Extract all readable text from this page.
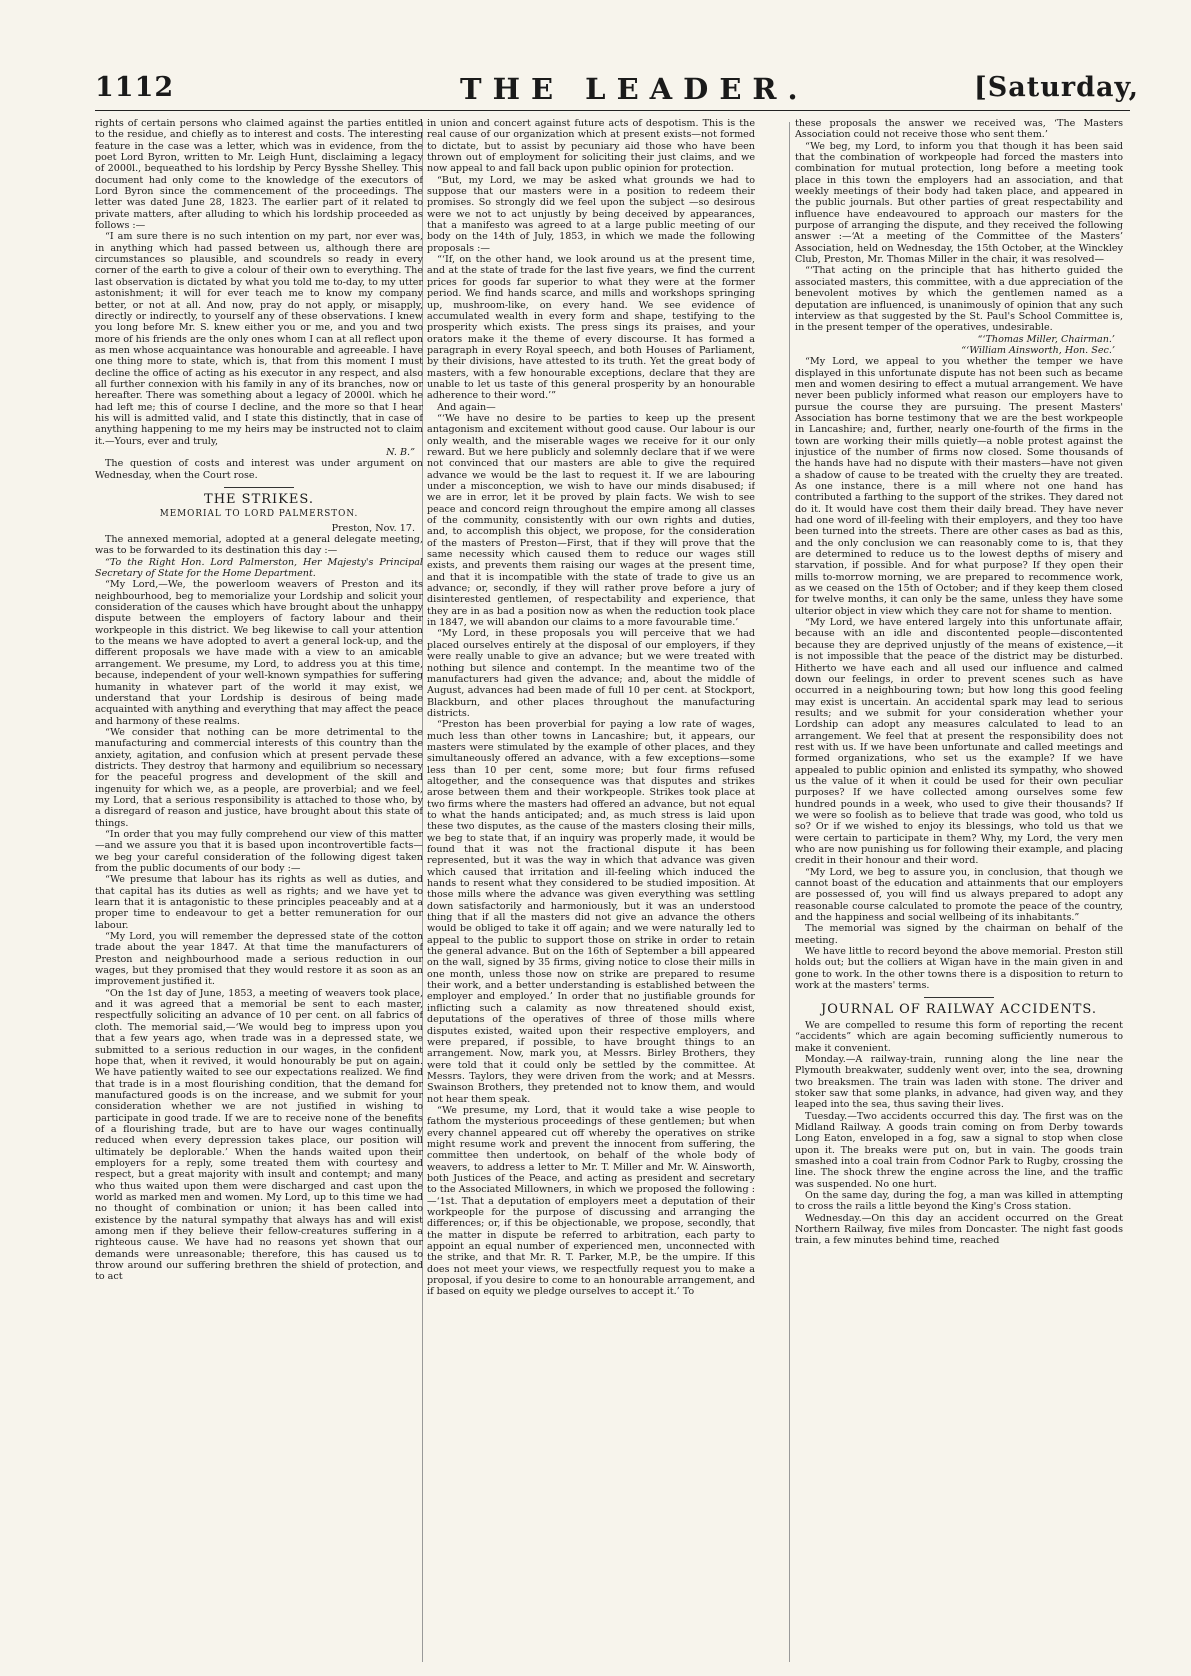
1112	THE LEADER.	[Saturday,

rights of certain persons who claimed against the parties entitled to the residue, and chiefly as to interest and costs. The interesting feature in the case was a letter, which was in evidence, from the poet Lord Byron, written to Mr. Leigh Hunt, disclaiming a legacy of 2000l., bequeathed to his lordship by Percy Bysshe Shelley. This document had only come to the knowledge of the executors of Lord Byron since the commencement of the proceedings. The letter was dated June 28, 1823. The earlier part of it related to private matters, after alluding to which his lordship proceeded as follows :—

“I am sure there is no such intention on my part, nor ever was, in anything which had passed between us, although there are circumstances so plausible, and scoundrels so ready in every corner of the earth to give a colour of their own to everything. The last observation is dictated by what you told me to-day, to my utter astonishment; it will for ever teach me to know my company better, or not at all. And now, pray do not apply, or misapply, directly or indirectly, to yourself any of these observations. I knew you long before Mr. S. knew either you or me, and you and two more of his friends are the only ones whom I can at all reflect upon as men whose acquaintance was honourable and agreeable. I have one thing more to state, which is, that from this moment I must decline the office of acting as his executor in any respect, and also all further connexion with his family in any of its branches, now or hereafter. There was something about a legacy of 2000l. which he had left me; this of course I decline, and the more so that I hear his will is admitted valid, and I state this distinctly, that in case of anything happening to me my heirs may be instructed not to claim it.—Yours, ever and truly,

N. B.”

The question of costs and interest was under argument on Wednesday, when the Court rose.

THE STRIKES.
MEMORIAL TO LORD PALMERSTON.

Preston, Nov. 17.

The annexed memorial, adopted at a general delegate meeting, was to be forwarded to its destination this day :—

“To the Right Hon. Lord Palmerston, Her Majesty's Principal Secretary of State for the Home Department.

“My Lord,—We, the powerloom weavers of Preston and its neighbourhood, beg to memorialize your Lordship and solicit your consideration of the causes which have brought about the unhappy dispute between the employers of factory labour and their workpeople in this district. We beg likewise to call your attention to the means we have adopted to avert a general lock-up, and the different proposals we have made with a view to an amicable arrangement. We presume, my Lord, to address you at this time, because, independent of your well-known sympathies for suffering humanity in whatever part of the world it may exist, we understand that your Lordship is desirous of being made acquainted with anything and everything that may affect the peace and harmony of these realms.

“We consider that nothing can be more detrimental to the manufacturing and commercial interests of this country than the anxiety, agitation, and confusion which at present pervade these districts. They destroy that harmony and equilibrium so necessary for the peaceful progress and development of the skill and ingenuity for which we, as a people, are proverbial; and we feel, my Lord, that a serious responsibility is attached to those who, by a disregard of reason and justice, have brought about this state of things.

“In order that you may fully comprehend our view of this matter—and we assure you that it is based upon incontrovertible facts—we beg your careful consideration of the following digest taken from the public documents of our body :—

“We presume that labour has its rights as well as duties, and that capital has its duties as well as rights; and we have yet to learn that it is antagonistic to these principles peaceably and at a proper time to endeavour to get a better remuneration for our labour.

“My Lord, you will remember the depressed state of the cotton trade about the year 1847. At that time the manufacturers of Preston and neighbourhood made a serious reduction in our wages, but they promised that they would restore it as soon as an improvement justified it.

“On the 1st day of June, 1853, a meeting of weavers took place, and it was agreed that a memorial be sent to each master, respectfully soliciting an advance of 10 per cent. on all fabrics of cloth. The memorial said,—‘We would beg to impress upon you that a few years ago, when trade was in a depressed state, we submitted to a serious reduction in our wages, in the confident hope that, when it revived, it would honourably be put on again. We have patiently waited to see our expectations realized. We find that trade is in a most flourishing condition, that the demand for manufactured goods is on the increase, and we submit for your consideration whether we are not justified in wishing to participate in good trade. If we are to receive none of the benefits of a flourishing trade, but are to have our wages continually reduced when every depression takes place, our position will ultimately be deplorable.’ When the hands waited upon their employers for a reply, some treated them with courtesy and respect, but a great majority with insult and contempt; and many who thus waited upon them were discharged and cast upon the world as marked men and women. My Lord, up to this time we had no thought of combination or union; it has been called into existence by the natural sympathy that always has and will exist among men if they believe their fellow-creatures suffering in a righteous cause. We have had no reasons yet shown that our demands were unreasonable; therefore, this has caused us to throw around our suffering brethren the shield of protection, and to act

in union and concert against future acts of despotism. This is the real cause of our organization which at present exists—not formed to dictate, but to assist by pecuniary aid those who have been thrown out of employment for soliciting their just claims, and we now appeal to and fall back upon public opinion for protection.

“But, my Lord, we may be asked what grounds we had to suppose that our masters were in a position to redeem their promises. So strongly did we feel upon the subject —so desirous were we not to act unjustly by being deceived by appearances, that a manifesto was agreed to at a large public meeting of our body on the 14th of July, 1853, in which we made the following proposals :—

“‘If, on the other hand, we look around us at the present time, and at the state of trade for the last five years, we find the current prices for goods far superior to what they were at the former period. We find hands scarce, and mills and workshops springing up, mushroom-like, on every hand. We see evidence of accumulated wealth in every form and shape, testifying to the prosperity which exists. The press sings its praises, and your orators make it the theme of every discourse. It has formed a paragraph in every Royal speech, and both Houses of Parliament, by their divisions, have attested to its truth. Yet the great body of masters, with a few honourable exceptions, declare that they are unable to let us taste of this general prosperity by an honourable adherence to their word.’”

And again—

“‘We have no desire to be parties to keep up the present antagonism and excitement without good cause. Our labour is our only wealth, and the miserable wages we receive for it our only reward. But we here publicly and solemnly declare that if we were not convinced that our masters are able to give the required advance we would be the last to request it. If we are labouring under a misconception, we wish to have our minds disabused; if we are in error, let it be proved by plain facts. We wish to see peace and concord reign throughout the empire among all classes of the community, consistently with our own rights and duties, and, to accomplish this object, we propose, for the consideration of the masters of Preston—First, that if they will prove that the same necessity which caused them to reduce our wages still exists, and prevents them raising our wages at the present time, and that it is incompatible with the state of trade to give us an advance; or, secondly, if they will rather prove before a jury of disinterested gentlemen, of respectability and experience, that they are in as bad a position now as when the reduction took place in 1847, we will abandon our claims to a more favourable time.’

“My Lord, in these proposals you will perceive that we had placed ourselves entirely at the disposal of our employers, if they were really unable to give an advance; but we were treated with nothing but silence and contempt. In the meantime two of the manufacturers had given the advance; and, about the middle of August, advances had been made of full 10 per cent. at Stockport, Blackburn, and other places throughout the manufacturing districts.

“Preston has been proverbial for paying a low rate of wages, much less than other towns in Lancashire; but, it appears, our masters were stimulated by the example of other places, and they simultaneously offered an advance, with a few exceptions—some less than 10 per cent, some more; but four firms refused altogether, and the consequence was that disputes and strikes arose between them and their workpeople. Strikes took place at two firms where the masters had offered an advance, but not equal to what the hands anticipated; and, as much stress is laid upon these two disputes, as the cause of the masters closing their mills, we beg to state that, if an inquiry was properly made, it would be found that it was not the fractional dispute it has been represented, but it was the way in which that advance was given which caused that irritation and ill-feeling which induced the hands to resent what they considered to be studied imposition. At those mills where the advance was given everything was settling down satisfactorily and harmoniously, but it was an understood thing that if all the masters did not give an advance the others would be obliged to take it off again; and we were naturally led to appeal to the public to support those on strike in order to retain the general advance. But on the 16th of September a bill appeared on the wall, signed by 35 firms, giving notice to close their mills in one month, unless those now on strike are prepared to resume their work, and a better understanding is established between the employer and employed.’ In order that no justifiable grounds for inflicting such a calamity as now threatened should exist, deputations of the operatives of three of those mills where disputes existed, waited upon their respective employers, and were prepared, if possible, to have brought things to an arrangement. Now, mark you, at Messrs. Birley Brothers, they were told that it could only be settled by the committee. At Messrs. Taylors, they were driven from the work; and at Messrs. Swainson Brothers, they pretended not to know them, and would not hear them speak.

“We presume, my Lord, that it would take a wise people to fathom the mysterious proceedings of these gentlemen; but when every channel appeared cut off whereby the operatives on strike might resume work and prevent the innocent from suffering, the committee then undertook, on behalf of the whole body of weavers, to address a letter to Mr. T. Miller and Mr. W. Ainsworth, both Justices of the Peace, and acting as president and secretary to the Associated Millowners, in which we proposed the following :—‘1st. That a deputation of employers meet a deputation of their workpeople for the purpose of discussing and arranging the differences; or, if this be objectionable, we propose, secondly, that the matter in dispute be referred to arbitration, each party to appoint an equal number of experienced men, unconnected with the strike, and that Mr. R. T. Parker, M.P., be the umpire. If this does not meet your views, we respectfully request you to make a proposal, if you desire to come to an honourable arrangement, and if based on equity we pledge ourselves to accept it.’ To

these proposals the answer we received was, ‘The Masters Association could not receive those who sent them.’

“We beg, my Lord, to inform you that though it has been said that the combination of workpeople had forced the masters into combination for mutual protection, long before a meeting took place in this town the employers had an association, and that weekly meetings of their body had taken place, and appeared in the public journals. But other parties of great respectability and influence have endeavoured to approach our masters for the purpose of arranging the dispute, and they received the following answer :—‘At a meeting of the Committee of the Masters’ Association, held on Wednesday, the 15th October, at the Winckley Club, Preston, Mr. Thomas Miller in the chair, it was resolved—

“‘That acting on the principle that has hitherto guided the associated masters, this committee, with a due appreciation of the benevolent motives by which the gentlemen named as a deputation are influenced, is unanimously of opinion that any such interview as that suggested by the St. Paul's School Committee is, in the present temper of the operatives, undesirable.

“‘Thomas Miller, Chairman.’

“‘William Ainsworth, Hon. Sec.’

“My Lord, we appeal to you whether the temper we have displayed in this unfortunate dispute has not been such as became men and women desiring to effect a mutual arrangement. We have never been publicly informed what reason our employers have to pursue the course they are pursuing. The present Masters' Association has borne testimony that we are the best workpeople in Lancashire; and, further, nearly one-fourth of the firms in the town are working their mills quietly—a noble protest against the injustice of the number of firms now closed. Some thousands of the hands have had no dispute with their masters—have not given a shadow of cause to be treated with the cruelty they are treated. As one instance, there is a mill where not one hand has contributed a farthing to the support of the strikes. They dared not do it. It would have cost them their daily bread. They have never had one word of ill-feeling with their employers, and they too have been turned into the streets. There are other cases as bad as this, and the only conclusion we can reasonably come to is, that they are determined to reduce us to the lowest depths of misery and starvation, if possible. And for what purpose? If they open their mills to-morrow morning, we are prepared to recommence work, as we ceased on the 15th of October; and if they keep them closed for twelve months, it can only be the same, unless they have some ulterior object in view which they care not for shame to mention.

“My Lord, we have entered largely into this unfortunate affair, because with an idle and discontented people—discontented because they are deprived unjustly of the means of existence,—it is not impossible that the peace of the district may be disturbed. Hitherto we have each and all used our influence and calmed down our feelings, in order to prevent scenes such as have occurred in a neighbouring town; but how long this good feeling may exist is uncertain. An accidental spark may lead to serious results; and we submit for your consideration whether your Lordship can adopt any measures calculated to lead to an arrangement. We feel that at present the responsibility does not rest with us. If we have been unfortunate and called meetings and formed organizations, who set us the example? If we have appealed to public opinion and enlisted its sympathy, who showed us the value of it when it could be used for their own peculiar purposes? If we have collected among ourselves some few hundred pounds in a week, who used to give their thousands? If we were so foolish as to believe that trade was good, who told us so? Or if we wished to enjoy its blessings, who told us that we were certain to participate in them? Why, my Lord, the very men who are now punishing us for following their example, and placing credit in their honour and their word.

“My Lord, we beg to assure you, in conclusion, that though we cannot boast of the education and attainments that our employers are possessed of, you will find us always prepared to adopt any reasonable course calculated to promote the peace of the country, and the happiness and social wellbeing of its inhabitants.”

The memorial was signed by the chairman on behalf of the meeting.

We have little to record beyond the above memorial. Preston still holds out; but the colliers at Wigan have in the main given in and gone to work. In the other towns there is a disposition to return to work at the masters' terms.

JOURNAL OF RAILWAY ACCIDENTS.

We are compelled to resume this form of reporting the recent “accidents” which are again becoming sufficiently numerous to make it convenient.

Monday.—A railway-train, running along the line near the Plymouth breakwater, suddenly went over, into the sea, drowning two breaksmen. The train was laden with stone. The driver and stoker saw that some planks, in advance, had given way, and they leaped into the sea, thus saving their lives.

Tuesday.—Two accidents occurred this day. The first was on the Midland Railway. A goods train coming on from Derby towards Long Eaton, enveloped in a fog, saw a signal to stop when close upon it. The breaks were put on, but in vain. The goods train smashed into a coal train from Codnor Park to Rugby, crossing the line. The shock threw the engine across the line, and the traffic was suspended. No one hurt.

On the same day, during the fog, a man was killed in attempting to cross the rails a little beyond the King's Cross station.

Wednesday.—On this day an accident occurred on the Great Northern Railway, five miles from Doncaster. The night fast goods train, a few minutes behind time, reached
